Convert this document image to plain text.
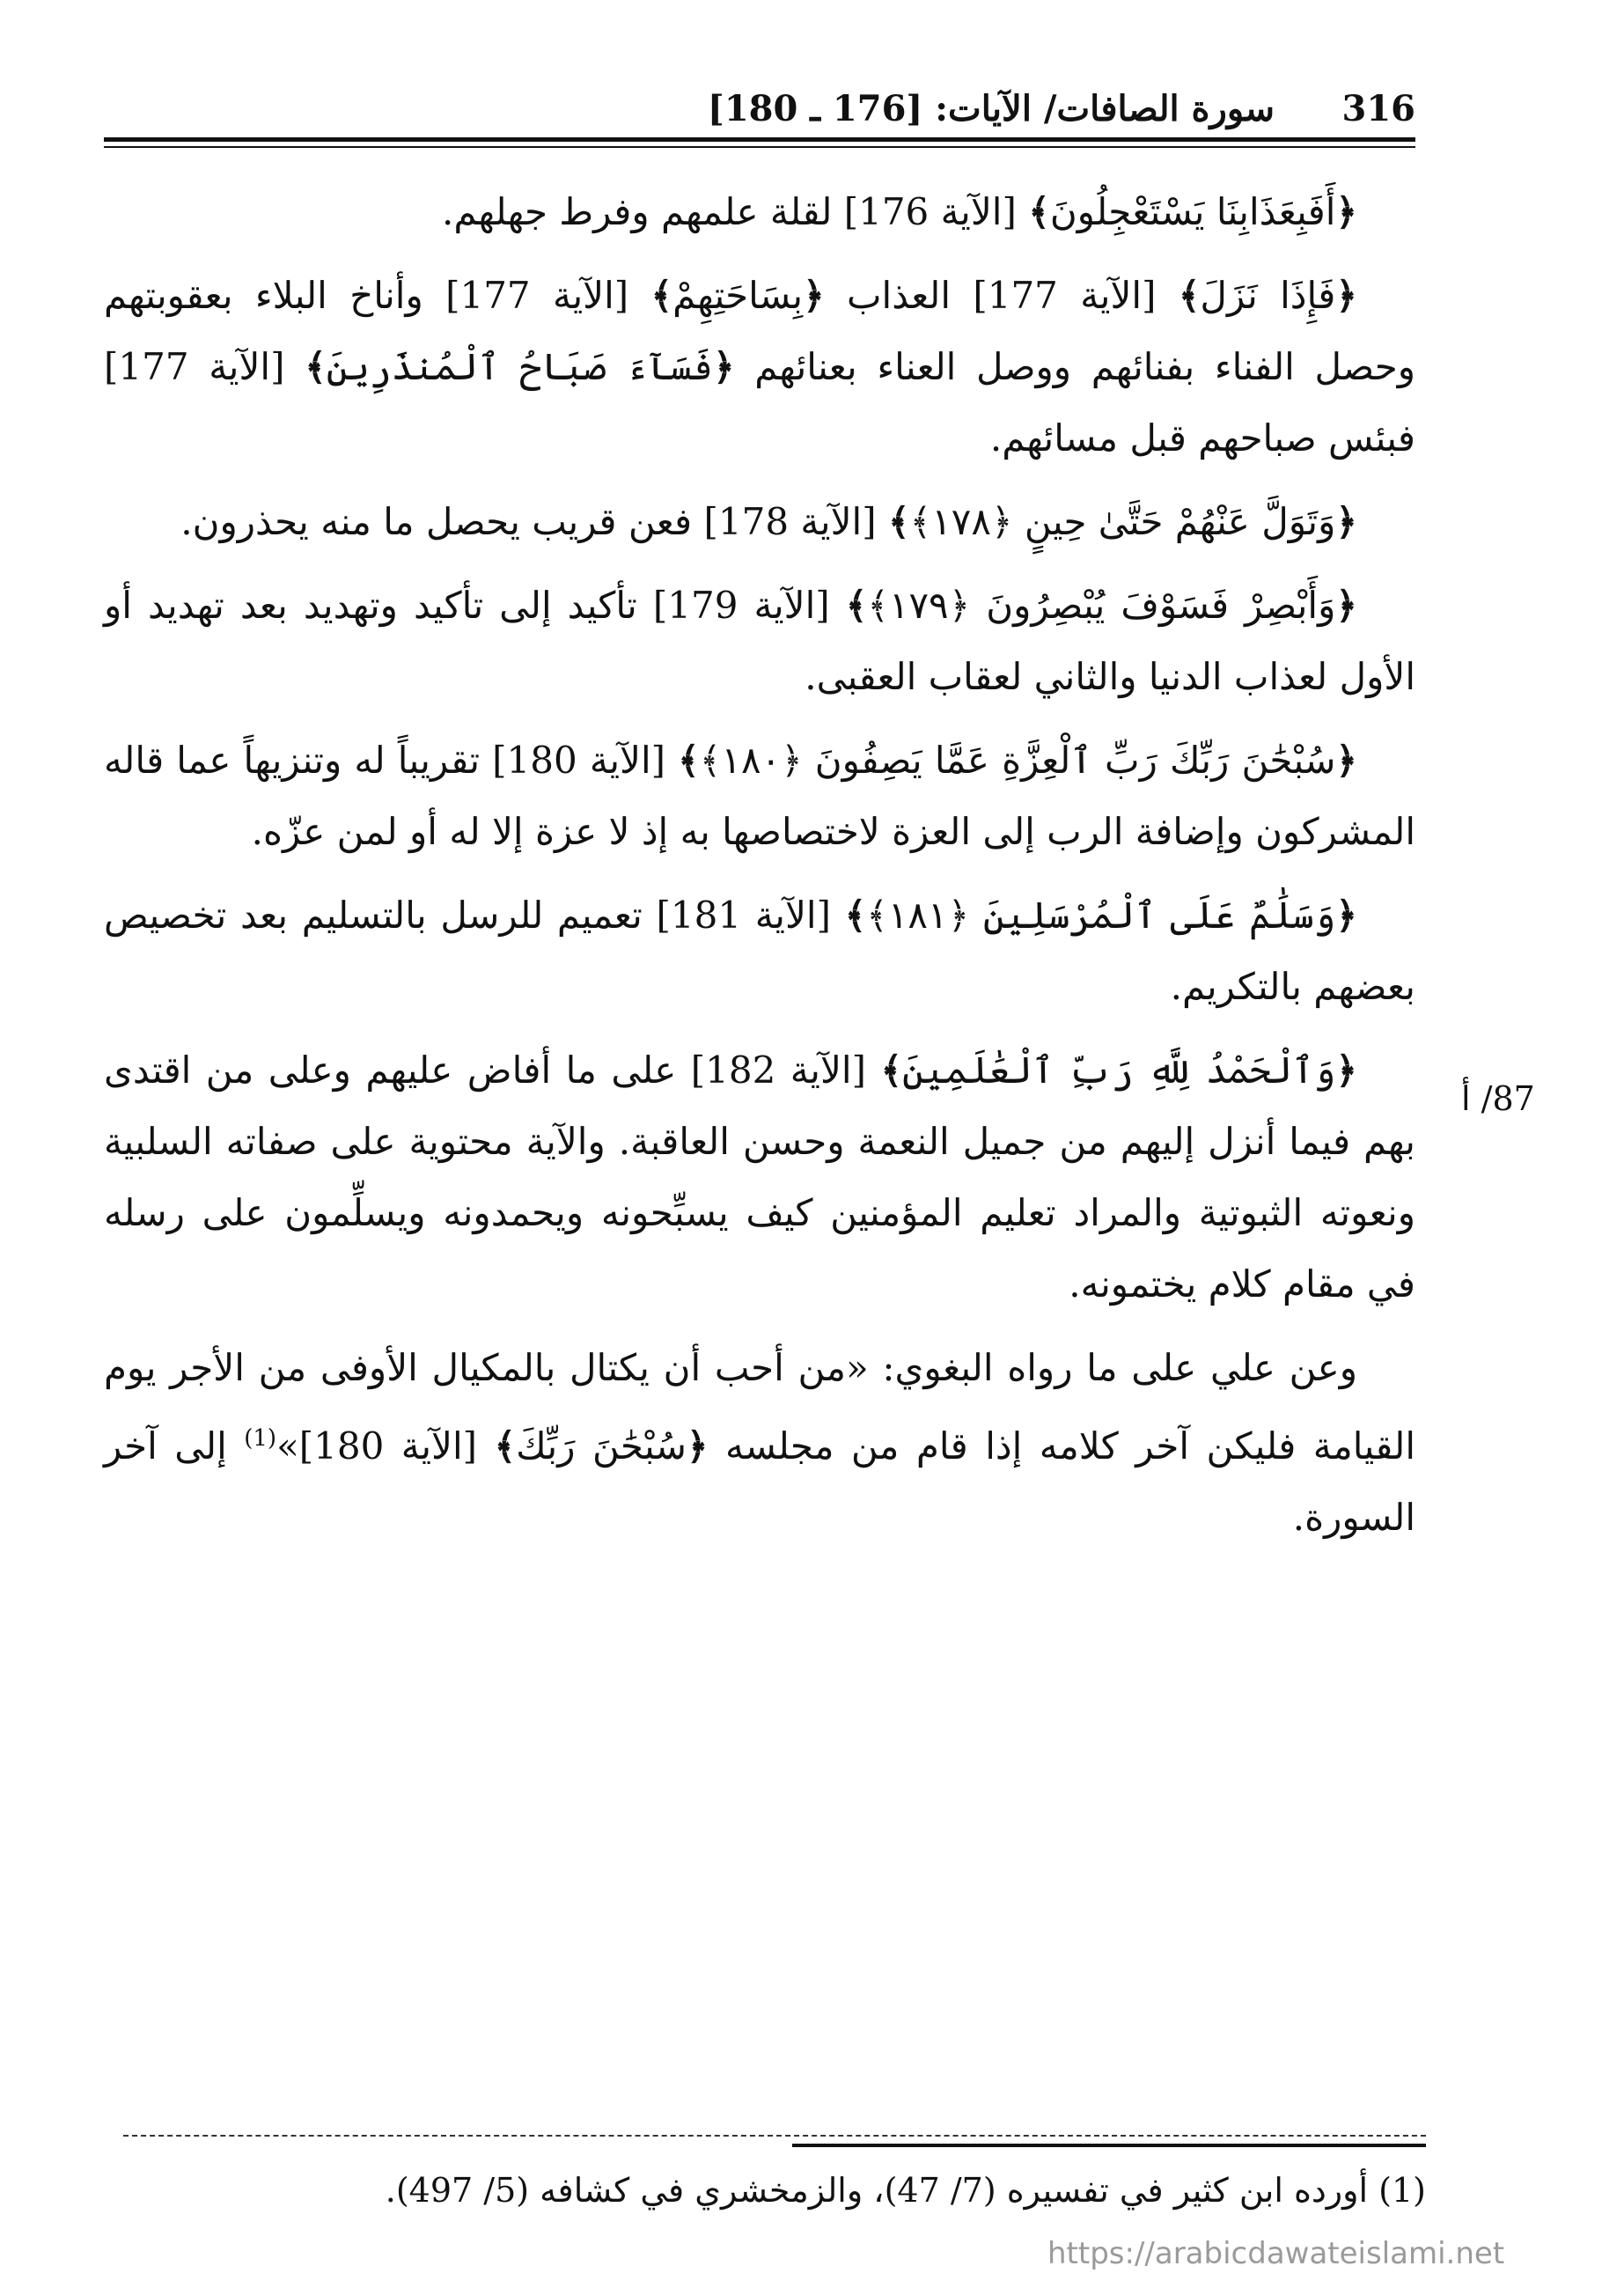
316
سورة الصافات/ الآيات: [176 ـ 180]

﴿أَفَبِعَذَابِنَا يَسْتَعْجِلُونَ﴾ [الآية 176] لقلة علمهم وفرط جهلهم.

﴿فَإِذَا نَزَلَ﴾ [الآية 177] العذاب ﴿بِسَاحَتِهِمْ﴾ [الآية 177] وأناخ البلاء بعقوبتهم وحصل الفناء بفنائهم ووصل العناء بعنائهم ﴿فَسَآءَ صَبَاحُ ٱلْمُنذَرِينَ﴾ [الآية 177] فبئس صباحهم قبل مسائهم.

﴿وَتَوَلَّ عَنْهُمْ حَتَّىٰ حِينٍ ﴿١٧٨﴾﴾ [الآية 178] فعن قريب يحصل ما منه يحذرون.

﴿وَأَبْصِرْ فَسَوْفَ يُبْصِرُونَ ﴿١٧٩﴾﴾ [الآية 179] تأكيد إلى تأكيد وتهديد بعد تهديد أو الأول لعذاب الدنيا والثاني لعقاب العقبى.

﴿سُبْحَٰنَ رَبِّكَ رَبِّ ٱلْعِزَّةِ عَمَّا يَصِفُونَ ﴿١٨٠﴾﴾ [الآية 180] تقريباً له وتنزيهاً عما قاله المشركون وإضافة الرب إلى العزة لاختصاصها به إذ لا عزة إلا له أو لمن عزّه.

﴿وَسَلَٰمٌ عَلَى ٱلْمُرْسَلِينَ ﴿١٨١﴾﴾ [الآية 181] تعميم للرسل بالتسليم بعد تخصيص بعضهم بالتكريم.

﴿وَٱلْحَمْدُ لِلَّهِ رَبِّ ٱلْعَٰلَمِينَ﴾ [الآية 182] على ما أفاض عليهم وعلى من اقتدى بهم فيما أنزل إليهم من جميل النعمة وحسن العاقبة. والآية محتوية على صفاته السلبية ونعوته الثبوتية والمراد تعليم المؤمنين كيف يسبِّحونه ويحمدونه ويسلِّمون على رسله في مقام كلام يختمونه.

وعن علي على ما رواه البغوي: «من أحب أن يكتال بالمكيال الأوفى من الأجر يوم القيامة فليكن آخر كلامه إذا قام من مجلسه ﴿سُبْحَٰنَ رَبِّكَ﴾ [الآية 180]»$^{(1)}$ إلى آخر السورة.

87/ أ
(1) أورده ابن كثير في تفسيره (7/ 47)، والزمخشري في كشافه (5/ 497).
https://arabicdawateislami.net
